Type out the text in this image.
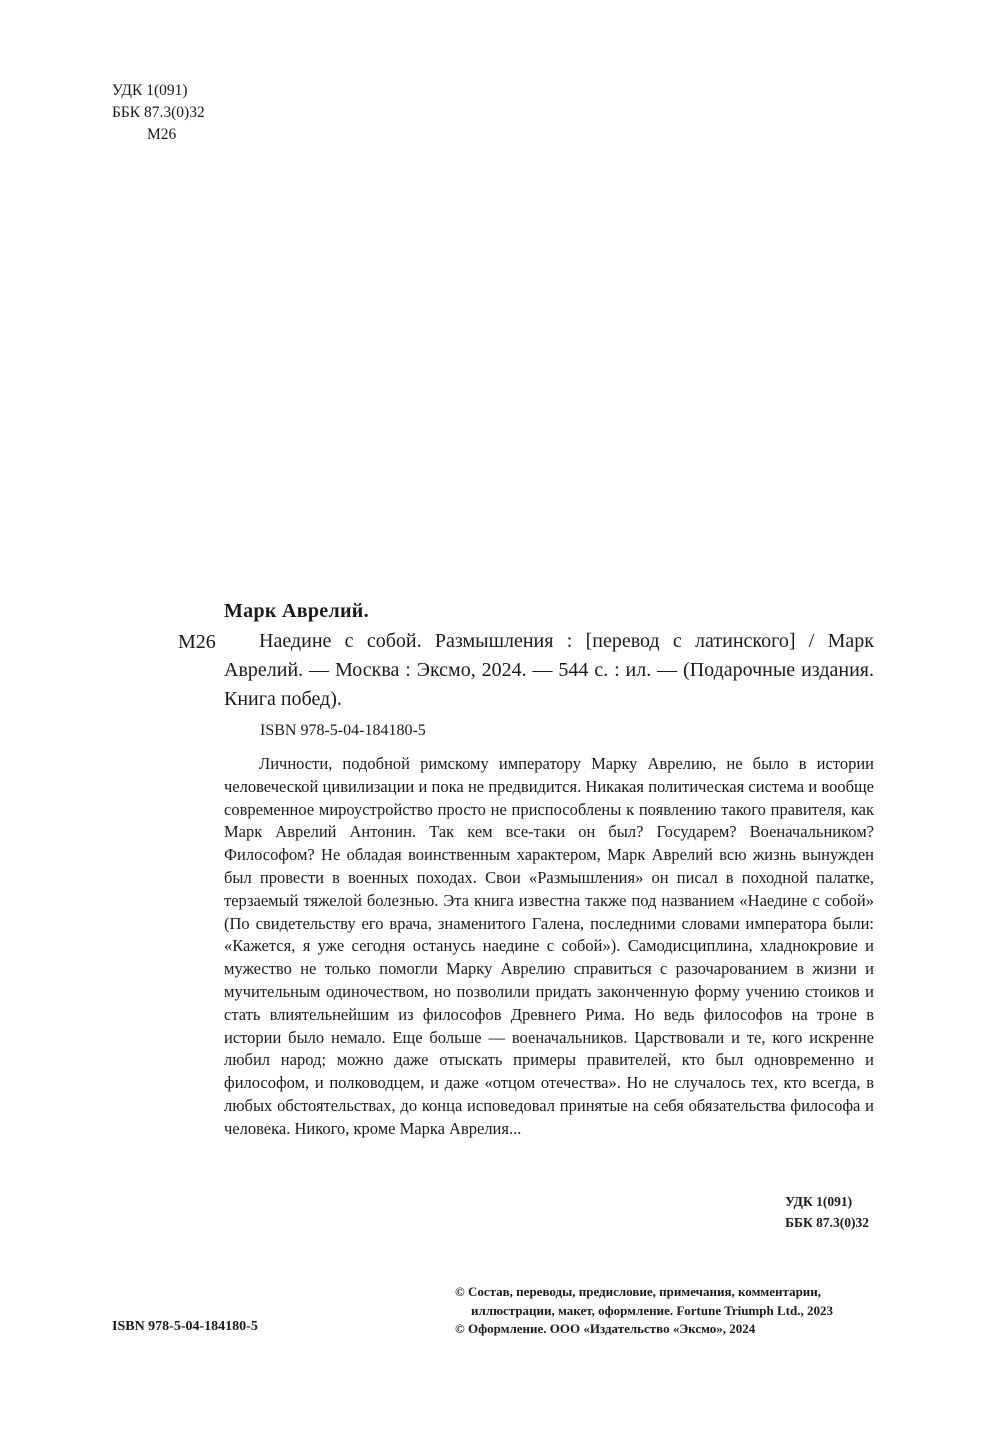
УДК 1(091)
ББК 87.3(0)32
М26
Марк Аврелий.
М26	Наедине с собой. Размышления : [перевод с латинского] / Марк Аврелий. — Москва : Эксмо, 2024. — 544 с. : ил. — (Подарочные издания. Книга побед).
ISBN 978-5-04-184180-5
Личности, подобной римскому императору Марку Аврелию, не было в истории человеческой цивилизации и пока не предвидится. Никакая политическая система и вообще современное мироустройство просто не приспособлены к появлению такого правителя, как Марк Аврелий Антонин. Так кем все-таки он был? Государем? Военачальником? Философом? Не обладая воинственным характером, Марк Аврелий всю жизнь вынужден был провести в военных походах. Свои «Размышления» он писал в походной палатке, терзаемый тяжелой болезнью. Эта книга известна также под названием «Наедине с собой» (По свидетельству его врача, знаменитого Галена, последними словами императора были: «Кажется, я уже сегодня останусь наедине с собой»). Самодисциплина, хладнокровие и мужество не только помогли Марку Аврелию справиться с разочарованием в жизни и мучительным одиночеством, но позволили придать законченную форму учению стоиков и стать влиятельнейшим из философов Древнего Рима. Но ведь философов на троне в истории было немало. Еще больше — военачальников. Царствовали и те, кого искренне любил народ; можно даже отыскать примеры правителей, кто был одновременно и философом, и полководцем, и даже «отцом отечества». Но не случалось тех, кто всегда, в любых обстоятельствах, до конца исповедовал принятые на себя обязательства философа и человека. Никого, кроме Марка Аврелия...
УДК 1(091)
ББК 87.3(0)32
ISBN 978-5-04-184180-5
© Состав, переводы, предисловие, примечания, комментарии,
иллюстрации, макет, оформление. Fortune Triumph Ltd., 2023
© Оформление. ООО «Издательство «Эксмо», 2024
